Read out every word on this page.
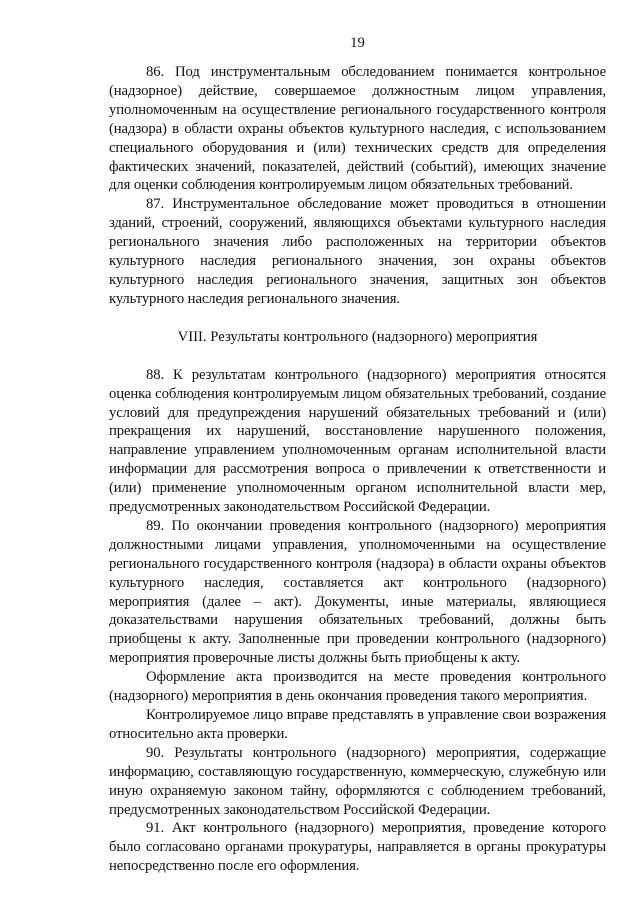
19

86. Под инструментальным обследованием понимается контрольное (надзорное) действие, совершаемое должностным лицом управления, уполномоченным на осуществление регионального государственного контроля (надзора) в области охраны объектов культурного наследия, с использованием специального оборудования и (или) технических средств для определения фактических значений, показателей, действий (событий), имеющих значение для оценки соблюдения контролируемым лицом обязательных требований.

87. Инструментальное обследование может проводиться в отношении зданий, строений, сооружений, являющихся объектами культурного наследия регионального значения либо расположенных на территории объектов культурного наследия регионального значения, зон охраны объектов культурного наследия регионального значения, защитных зон объектов культурного наследия регионального значения.

VIII. Результаты контрольного (надзорного) мероприятия

88. К результатам контрольного (надзорного) мероприятия относятся оценка соблюдения контролируемым лицом обязательных требований, создание условий для предупреждения нарушений обязательных требований и (или) прекращения их нарушений, восстановление нарушенного положения, направление управлением уполномоченным органам исполнительной власти информации для рассмотрения вопроса о привлечении к ответственности и (или) применение уполномоченным органом исполнительной власти мер, предусмотренных законодательством Российской Федерации.

89. По окончании проведения контрольного (надзорного) мероприятия должностными лицами управления, уполномоченными на осуществление регионального государственного контроля (надзора) в области охраны объектов культурного наследия, составляется акт контрольного (надзорного) мероприятия (далее – акт). Документы, иные материалы, являющиеся доказательствами нарушения обязательных требований, должны быть приобщены к акту. Заполненные при проведении контрольного (надзорного) мероприятия проверочные листы должны быть приобщены к акту.

Оформление акта производится на месте проведения контрольного (надзорного) мероприятия в день окончания проведения такого мероприятия.

Контролируемое лицо вправе представлять в управление свои возражения относительно акта проверки.

90. Результаты контрольного (надзорного) мероприятия, содержащие информацию, составляющую государственную, коммерческую, служебную или иную охраняемую законом тайну, оформляются с соблюдением требований, предусмотренных законодательством Российской Федерации.

91. Акт контрольного (надзорного) мероприятия, проведение которого было согласовано органами прокуратуры, направляется в органы прокуратуры непосредственно после его оформления.
